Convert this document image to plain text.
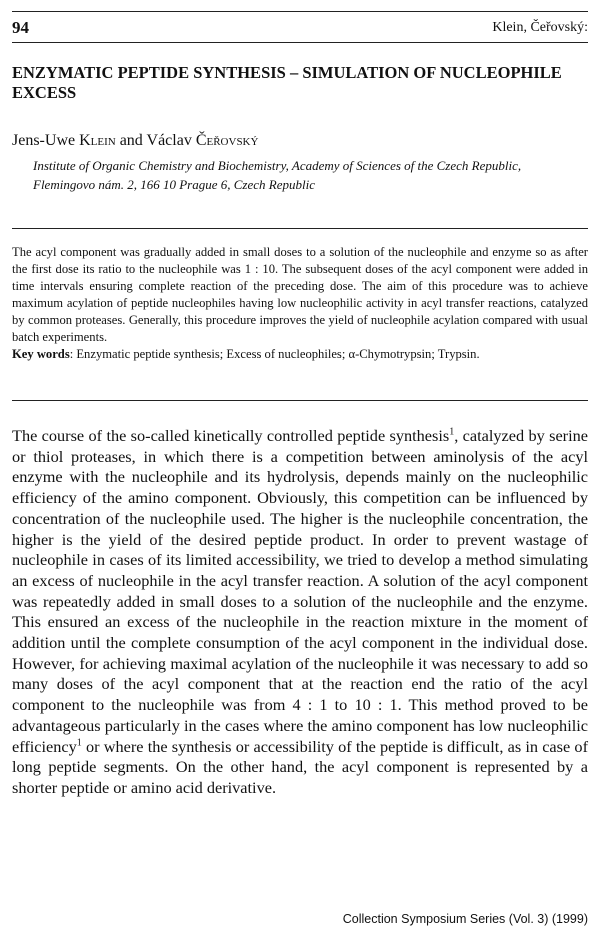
94	Klein, Čeřovský:
ENZYMATIC PEPTIDE SYNTHESIS – SIMULATION OF NUCLEOPHILE EXCESS
Jens-Uwe Klein and Václav Čeřovský
Institute of Organic Chemistry and Biochemistry, Academy of Sciences of the Czech Republic,
Flemingovo nám. 2, 166 10 Prague 6, Czech Republic

The acyl component was gradually added in small doses to a solution of the nucleophile and enzyme so as after the first dose its ratio to the nucleophile was 1 : 10. The subsequent doses of the acyl component were added in time intervals ensuring complete reaction of the preceding dose. The aim of this procedure was to achieve maximum acylation of peptide nucleophiles having low nucleophilic activity in acyl transfer reactions, catalyzed by common proteases. Generally, this procedure improves the yield of nucleophile acylation compared with usual batch experiments.

Key words: Enzymatic peptide synthesis; Excess of nucleophiles; α-Chymotrypsin; Trypsin.

The course of the so-called kinetically controlled peptide synthesis$^1$, catalyzed by serine or thiol proteases, in which there is a competition between aminolysis of the acyl enzyme with the nucleophile and its hydrolysis, depends mainly on the nucleophilic efficiency of the amino component. Obviously, this competition can be influenced by concentration of the nucleophile used. The higher is the nucleophile concentration, the higher is the yield of the desired peptide product. In order to prevent wastage of nucleophile in cases of its limited accessibility, we tried to develop a method simulating an excess of nucleophile in the acyl transfer reaction. A solution of the acyl component was repeatedly added in small doses to a solution of the nucleophile and the enzyme. This ensured an excess of the nucleophile in the reaction mixture in the moment of addition until the complete consumption of the acyl component in the individual dose. However, for achieving maximal acylation of the nucleophile it was necessary to add so many doses of the acyl component that at the reaction end the ratio of the acyl component to the nucleophile was from 4 : 1 to 10 : 1. This method proved to be advantageous particularly in the cases where the amino component has low nucleophilic efficiency$^1$ or where the synthesis or accessibility of the peptide is difficult, as in case of long peptide segments. On the other hand, the acyl component is represented by a shorter peptide or amino acid derivative.

Collection Symposium Series (Vol. 3) (1999)
